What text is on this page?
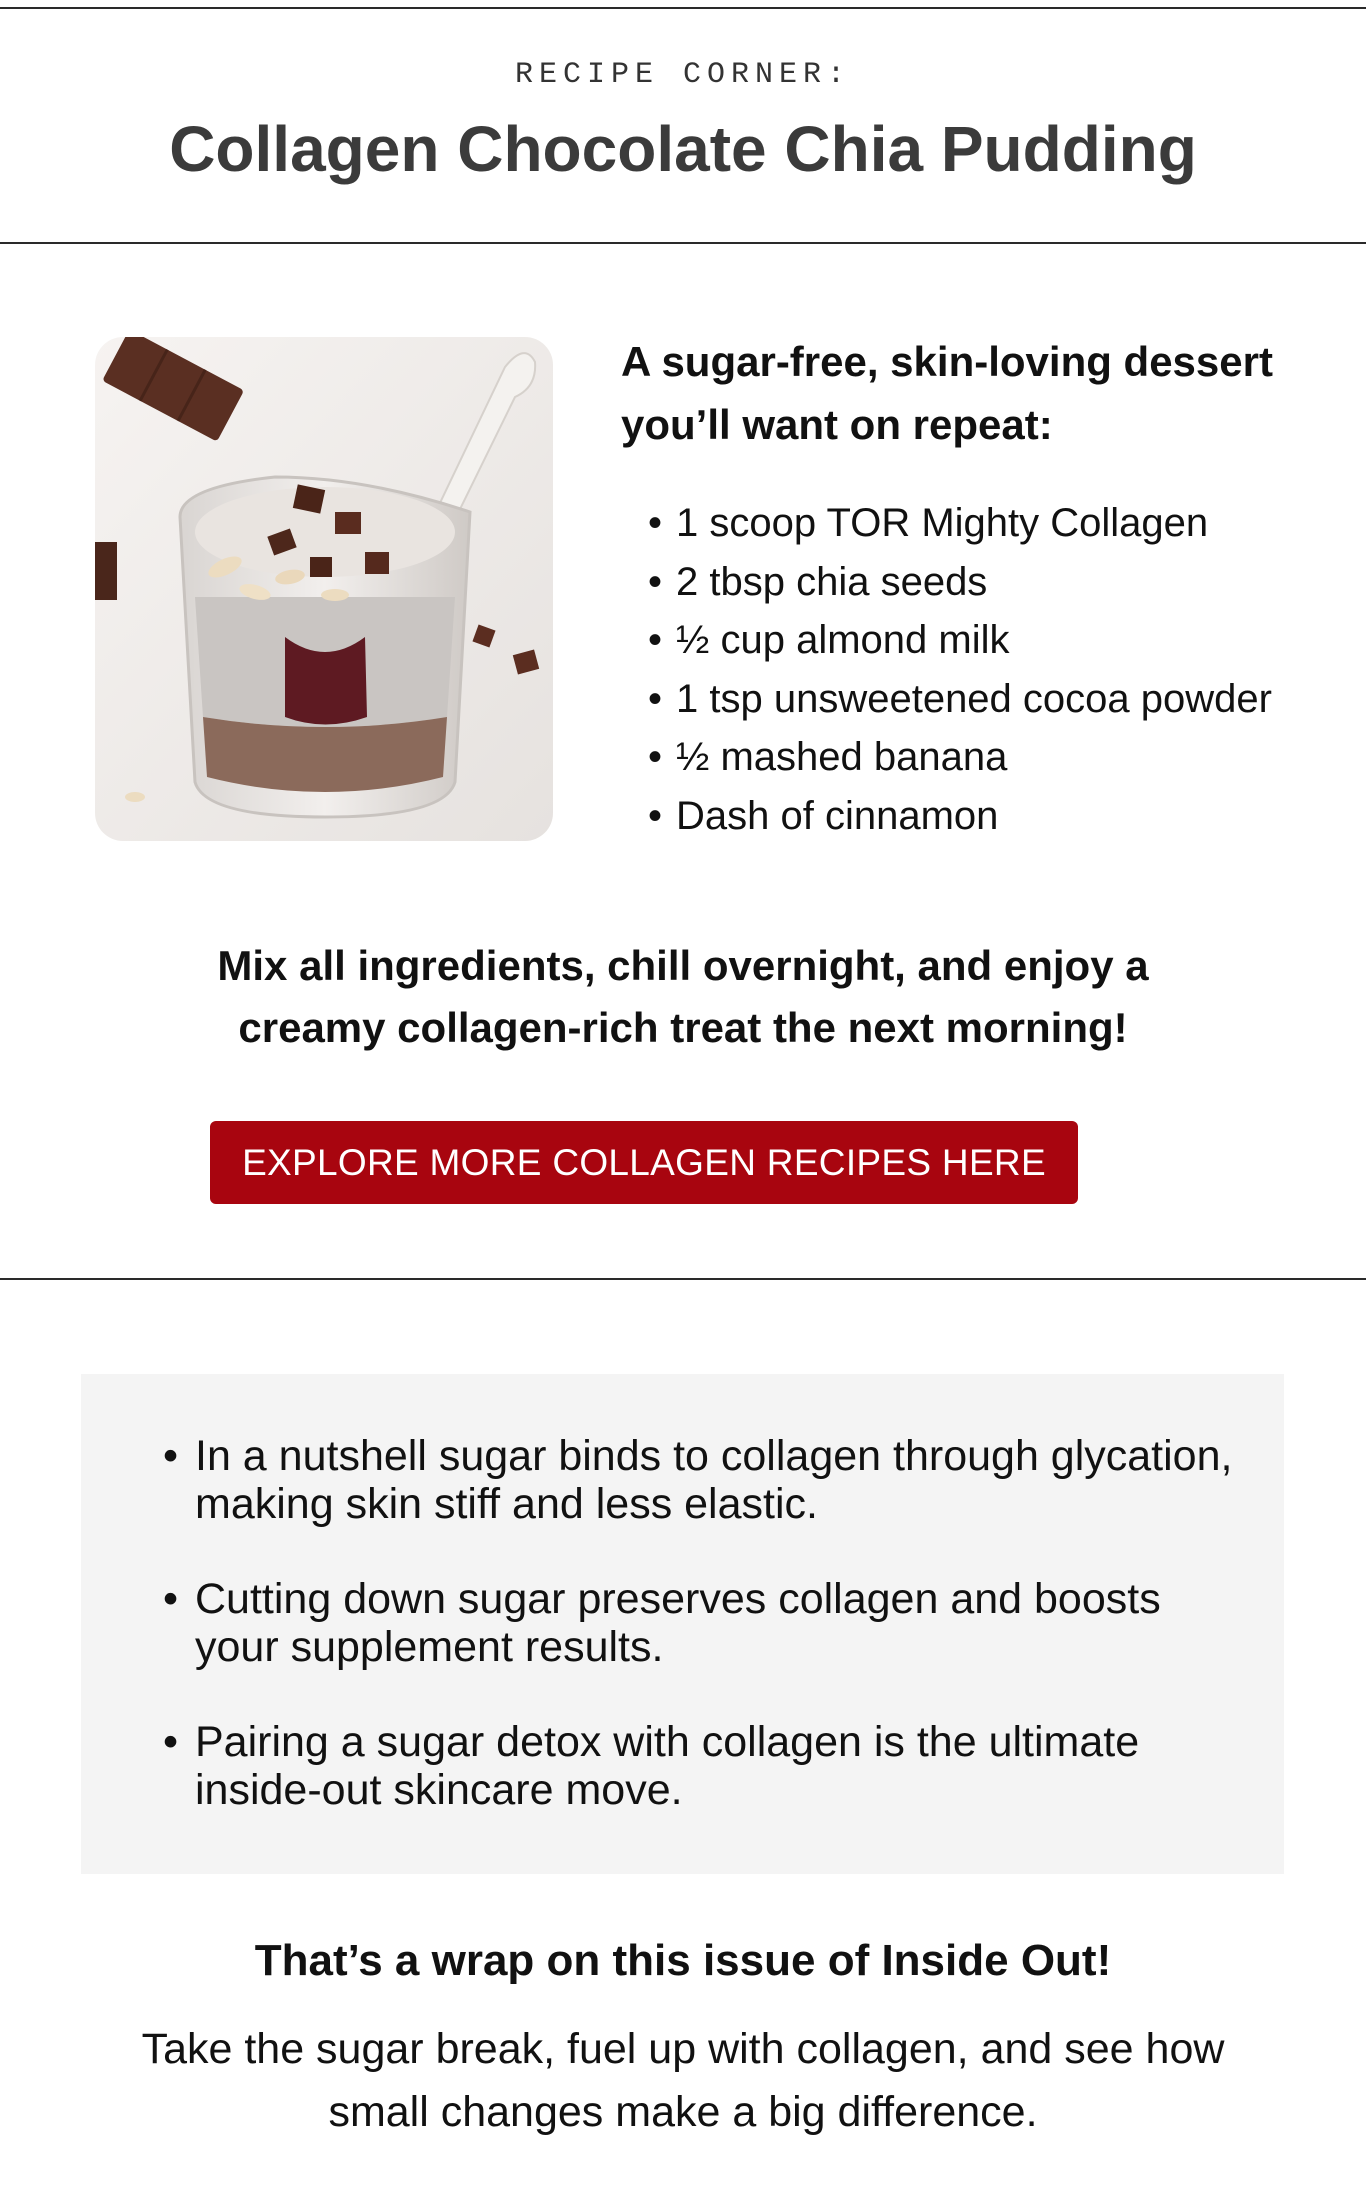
RECIPE CORNER:
Collagen Chocolate Chia Pudding

A sugar-free, skin-loving dessert you’ll want on repeat:

• 1 scoop TOR Mighty Collagen
• 2 tbsp chia seeds
• ½ cup almond milk
• 1 tsp unsweetened cocoa powder
• ½ mashed banana
• Dash of cinnamon

Mix all ingredients, chill overnight, and enjoy a creamy collagen-rich treat the next morning!

EXPLORE MORE COLLAGEN RECIPES HERE
• In a nutshell sugar binds to collagen through glycation, making skin stiff and less elastic.
• Cutting down sugar preserves collagen and boosts your supplement results.
• Pairing a sugar detox with collagen is the ultimate inside-out skincare move.
That’s a wrap on this issue of Inside Out!

Take the sugar break, fuel up with collagen, and see how small changes make a big difference.
